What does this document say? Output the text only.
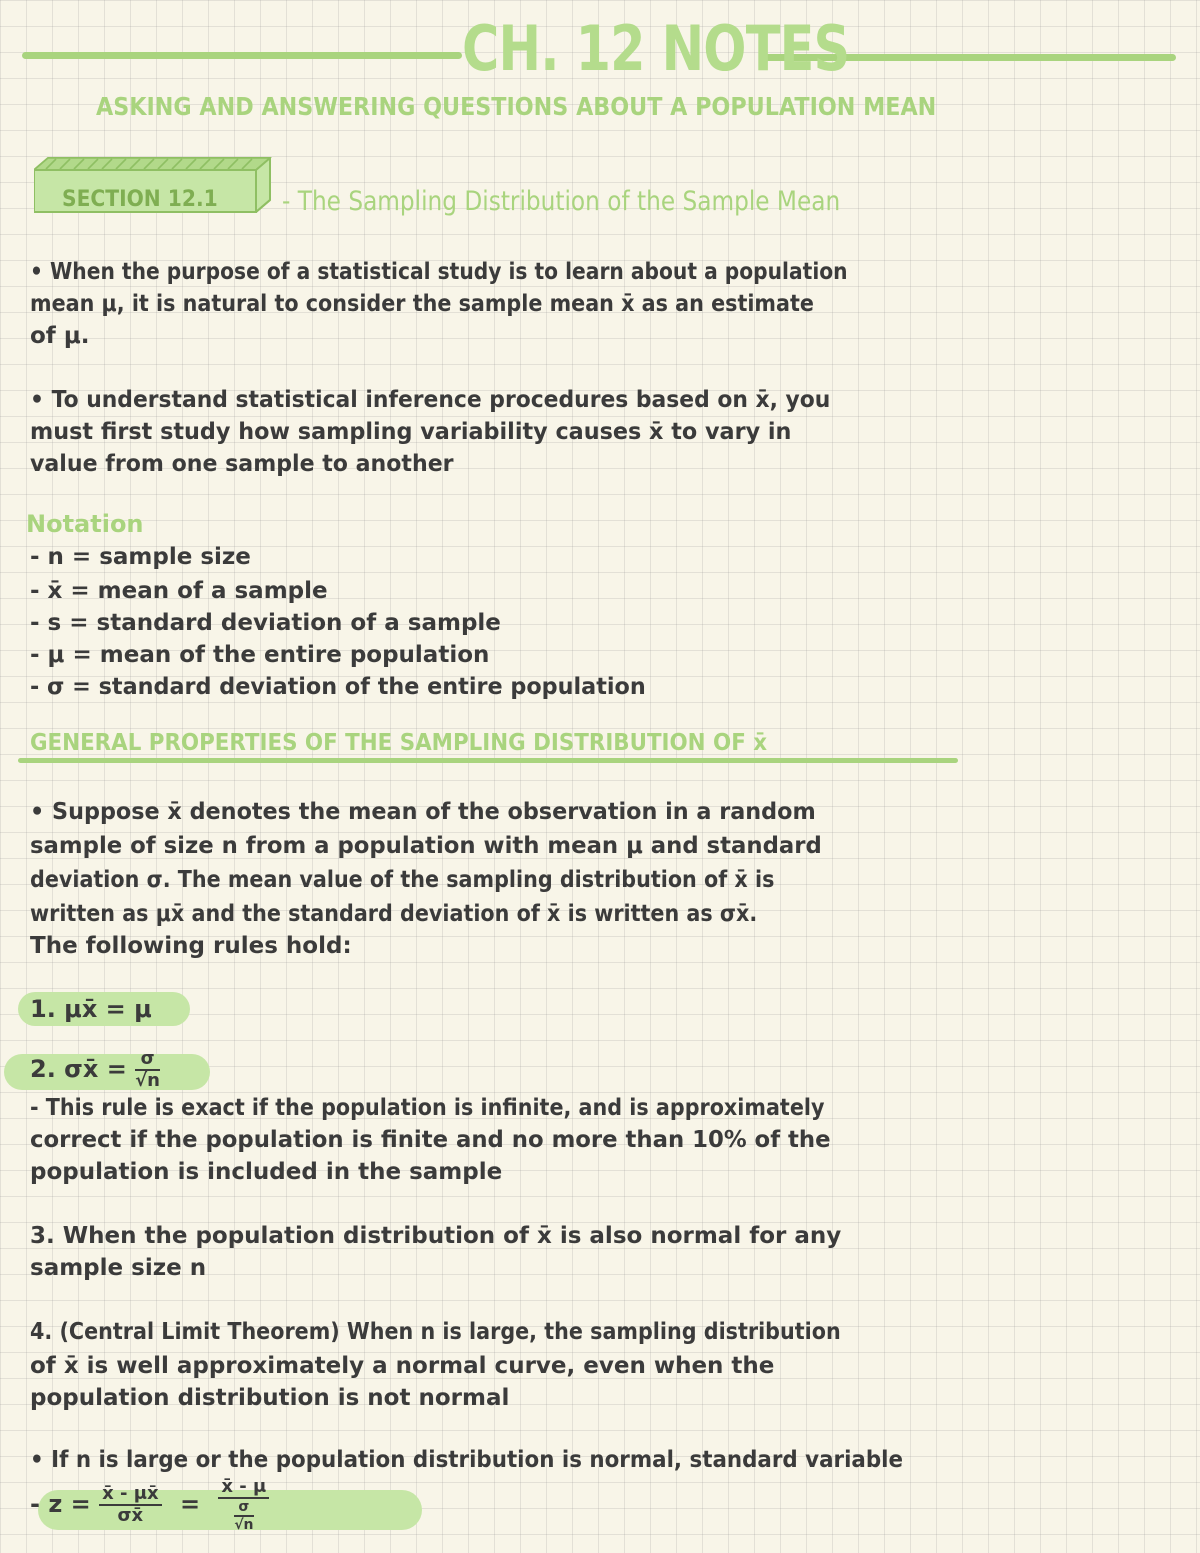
CH. 12 NOTES
ASKING AND ANSWERING QUESTIONS ABOUT A POPULATION MEAN
SECTION 12.1 - The Sampling Distribution of the Sample Mean
• When the purpose of a statistical study is to learn about a population
mean μ, it is natural to consider the sample mean x̄ as an estimate
of μ.
• To understand statistical inference procedures based on x̄, you
must first study how sampling variability causes x̄ to vary in
value from one sample to another
Notation
- n = sample size
- x̄ = mean of a sample
- s = standard deviation of a sample
- μ = mean of the entire population
- σ = standard deviation of the entire population
GENERAL PROPERTIES OF THE SAMPLING DISTRIBUTION OF x̄
• Suppose x̄ denotes the mean of the observation in a random
sample of size n from a population with mean μ and standard
deviation σ. The mean value of the sampling distribution of x̄ is
written as μx̄ and the standard deviation of x̄ is written as σx̄.
The following rules hold:
1. μx̄ = μ
2. σx̄ = $\frac{\sigma}{√n}$
- This rule is exact if the population is infinite, and is approximately
correct if the population is finite and no more than 10% of the
population is included in the sample
3. When the population distribution of x̄ is also normal for any
sample size n
4. (Central Limit Theorem) When n is large, the sampling distribution
of x̄ is well approximately a normal curve, even when the
population distribution is not normal
• If n is large or the population distribution is normal, standard variable
- $z = \frac{x̄ - \mu x̄}{\sigma x̄} = \frac{x̄ - \mu}{\frac{\sigma}{√n}}$
